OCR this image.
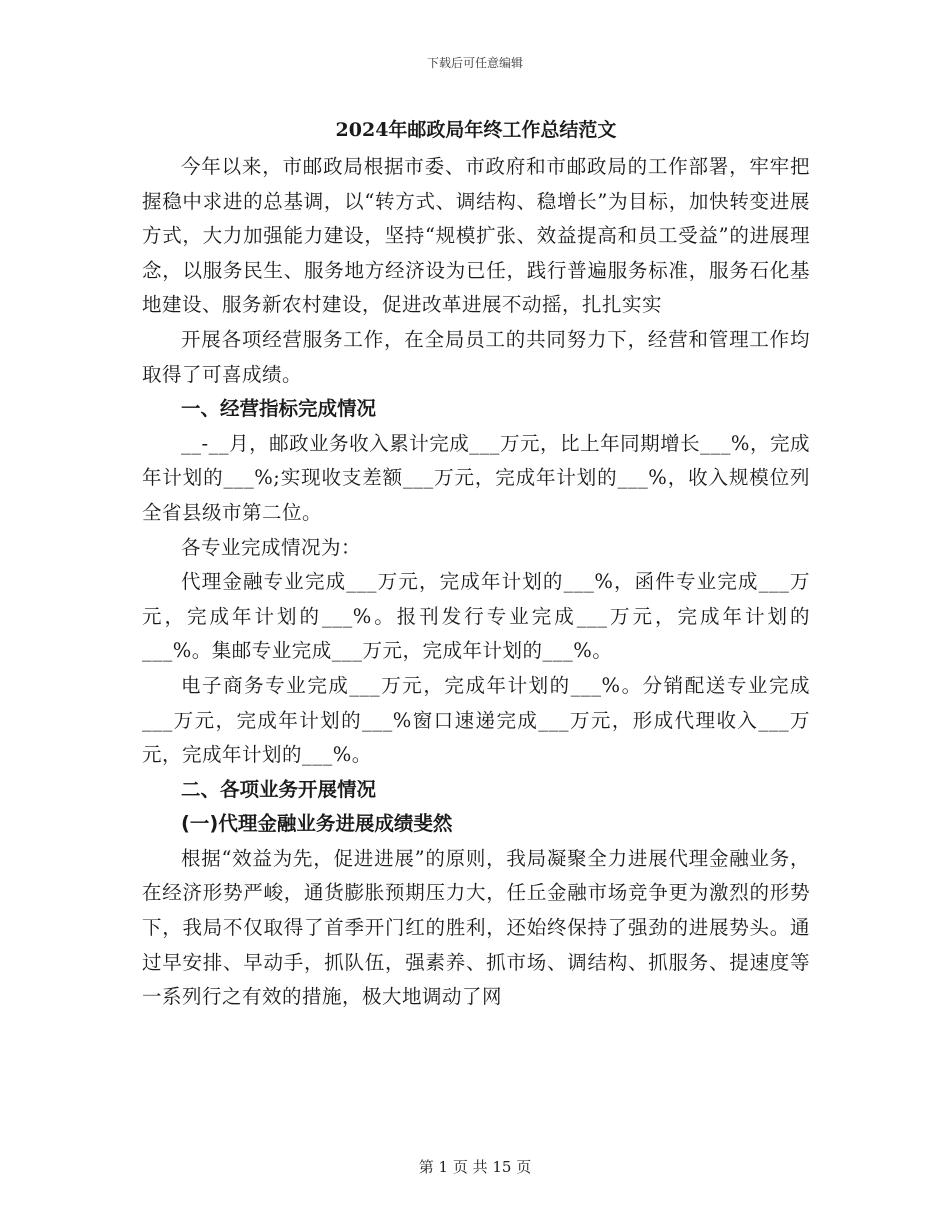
下载后可任意编辑
2024年邮政局年终工作总结范文

今年以来，市邮政局根据市委、市政府和市邮政局的工作部署，牢牢把握稳中求进的总基调，以“转方式、调结构、稳增长”为目标，加快转变进展方式，大力加强能力建设，坚持“规模扩张、效益提高和员工受益”的进展理念，以服务民生、服务地方经济设为已任，践行普遍服务标准，服务石化基地建设、服务新农村建设，促进改革进展不动摇，扎扎实实

开展各项经营服务工作，在全局员工的共同努力下，经营和管理工作均取得了可喜成绩。

一、经营指标完成情况

__-__月，邮政业务收入累计完成___万元，比上年同期增长___%，完成年计划的___%;实现收支差额___万元，完成年计划的___%，收入规模位列全省县级市第二位。

各专业完成情况为：

代理金融专业完成___万元，完成年计划的___%，函件专业完成___万元，完成年计划的___%。报刊发行专业完成___万元，完成年计划的___%。集邮专业完成___万元，完成年计划的___%。

电子商务专业完成___万元，完成年计划的___%。分销配送专业完成___万元，完成年计划的___%窗口速递完成___万元，形成代理收入___万元，完成年计划的___%。

二、各项业务开展情况

(一)代理金融业务进展成绩斐然

根据“效益为先，促进进展”的原则，我局凝聚全力进展代理金融业务，在经济形势严峻，通货膨胀预期压力大，任丘金融市场竞争更为激烈的形势下，我局不仅取得了首季开门红的胜利，还始终保持了强劲的进展势头。通过早安排、早动手，抓队伍，强素养、抓市场、调结构、抓服务、提速度等一系列行之有效的措施，极大地调动了网

第 1 页 共 15 页
